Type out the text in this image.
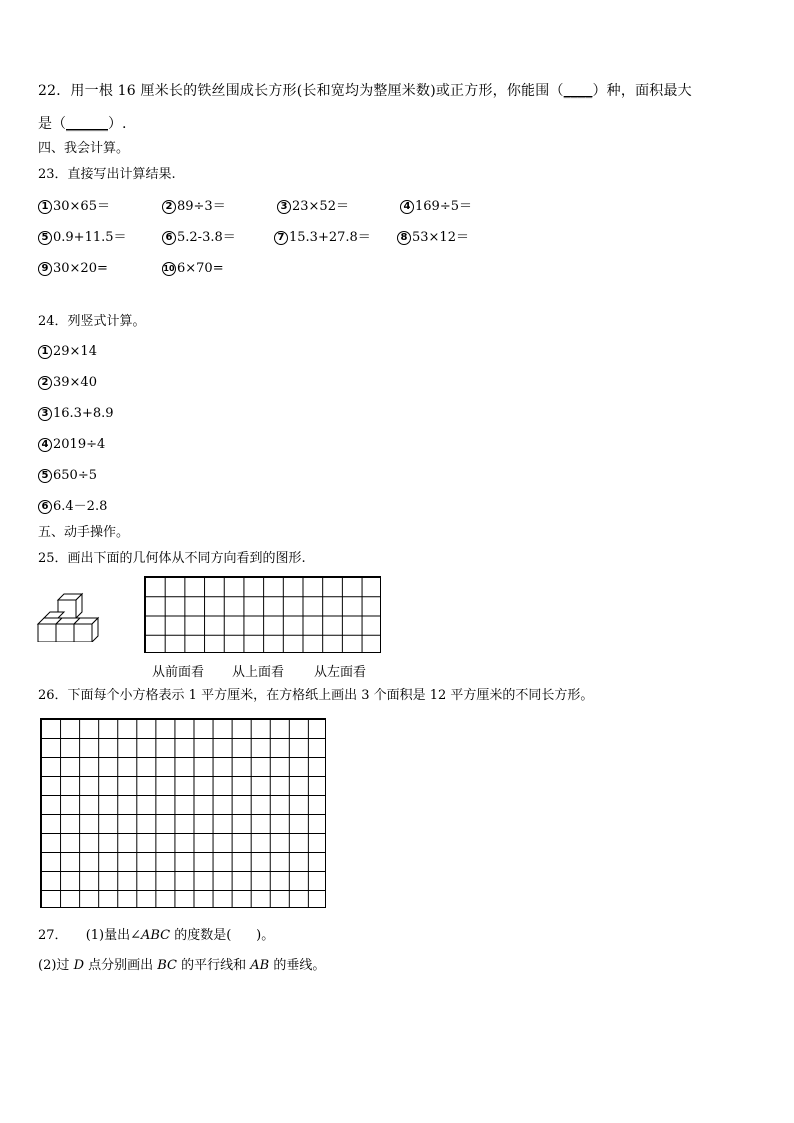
22．用一根 16 厘米长的铁丝围成长方形(长和宽均为整厘米数)或正方形，你能围（____）种，面积最大
是（______）.
四、我会计算。
23．直接写出计算结果.
1 30×65＝	2 89÷3＝	3 23×52＝	4 169÷5＝
5 0.9+11.5＝	6 5.2-3.8＝	7 15.3+27.8＝	8 53×12＝
9 30×20=	10 6×70=
24．列竖式计算。
1 29×14
2 39×40
3 16.3+8.9
4 2019÷4
5 650÷5
6 6.4－2.8
五、动手操作。
25．画出下面的几何体从不同方向看到的图形.
从前面看 从上面看 从左面看
26．下面每个小方格表示 1 平方厘米，在方格纸上画出 3 个面积是 12 平方厘米的不同长方形。
27． (1)量出∠ABC 的度数是( )。
(2)过 D 点分别画出 BC 的平行线和 AB 的垂线。
